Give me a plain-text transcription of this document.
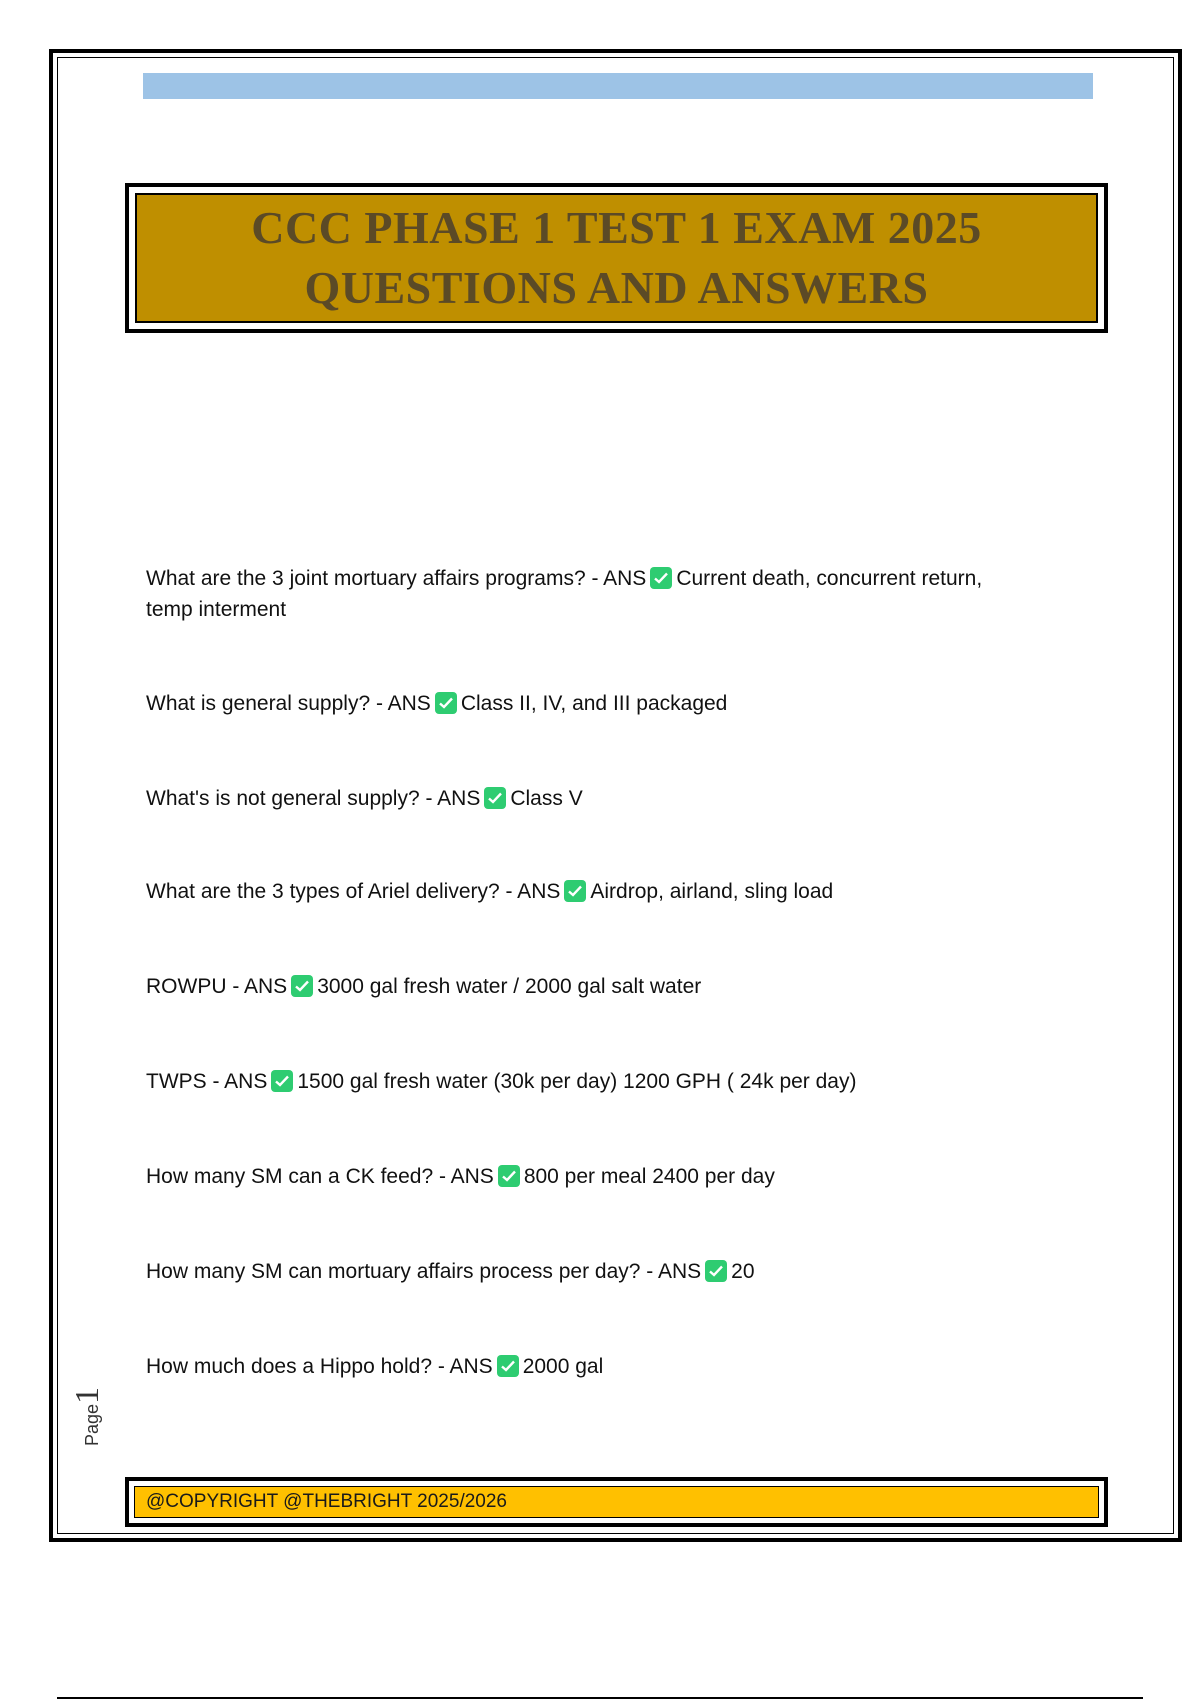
CCC PHASE 1 TEST 1 EXAM 2025
QUESTIONS AND ANSWERS
What are the 3 joint mortuary affairs programs? - ANS Current death, concurrent return,
temp interment
What is general supply? - ANS Class II, IV, and III packaged
What's is not general supply? - ANS Class V
What are the 3 types of Ariel delivery? - ANS Airdrop, airland, sling load
ROWPU - ANS 3000 gal fresh water / 2000 gal salt water
TWPS - ANS 1500 gal fresh water (30k per day) 1200 GPH ( 24k per day)
How many SM can a CK feed? - ANS 800 per meal 2400 per day
How many SM can mortuary affairs process per day? - ANS 20
How much does a Hippo hold? - ANS 2000 gal
Page1
@COPYRIGHT @THEBRIGHT 2025/2026
